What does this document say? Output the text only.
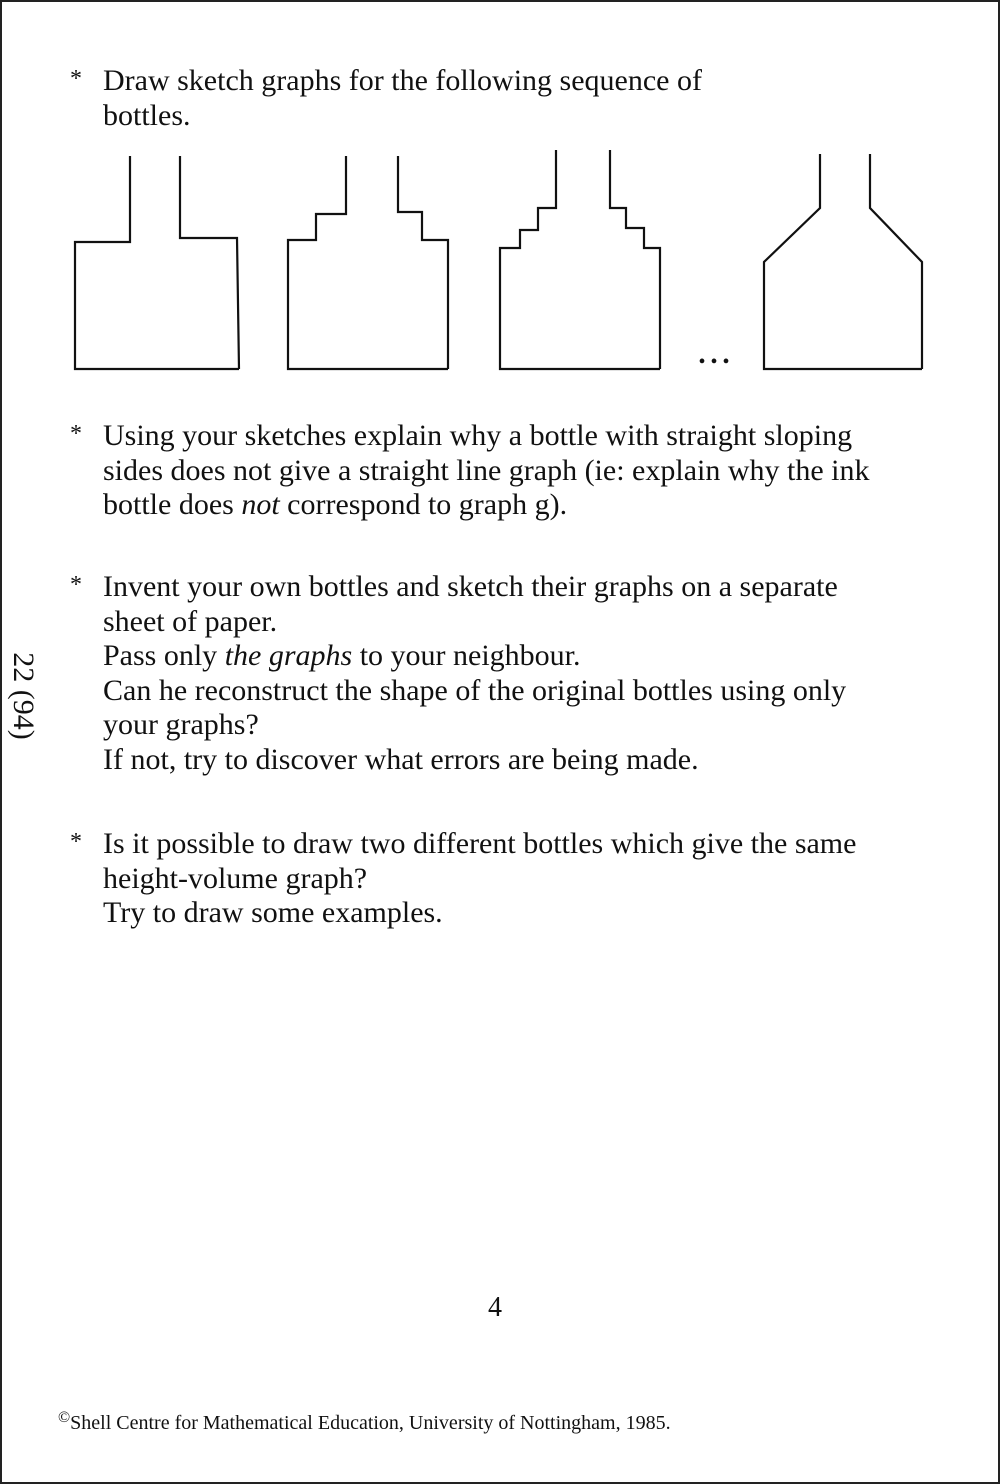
* Draw sketch graphs for the following sequence of

bottles.

• • •
* Using your sketches explain why a bottle with straight sloping

sides does not give a straight line graph (ie: explain why the ink

bottle does not correspond to graph g).

* Invent your own bottles and sketch their graphs on a separate

sheet of paper.

Pass only the graphs to your neighbour.

Can he reconstruct the shape of the original bottles using only

your graphs?

If not, try to discover what errors are being made.

* Is it possible to draw two different bottles which give the same

height-volume graph?

Try to draw some examples.

22 (94)
4
©Shell Centre for Mathematical Education, University of Nottingham, 1985.
